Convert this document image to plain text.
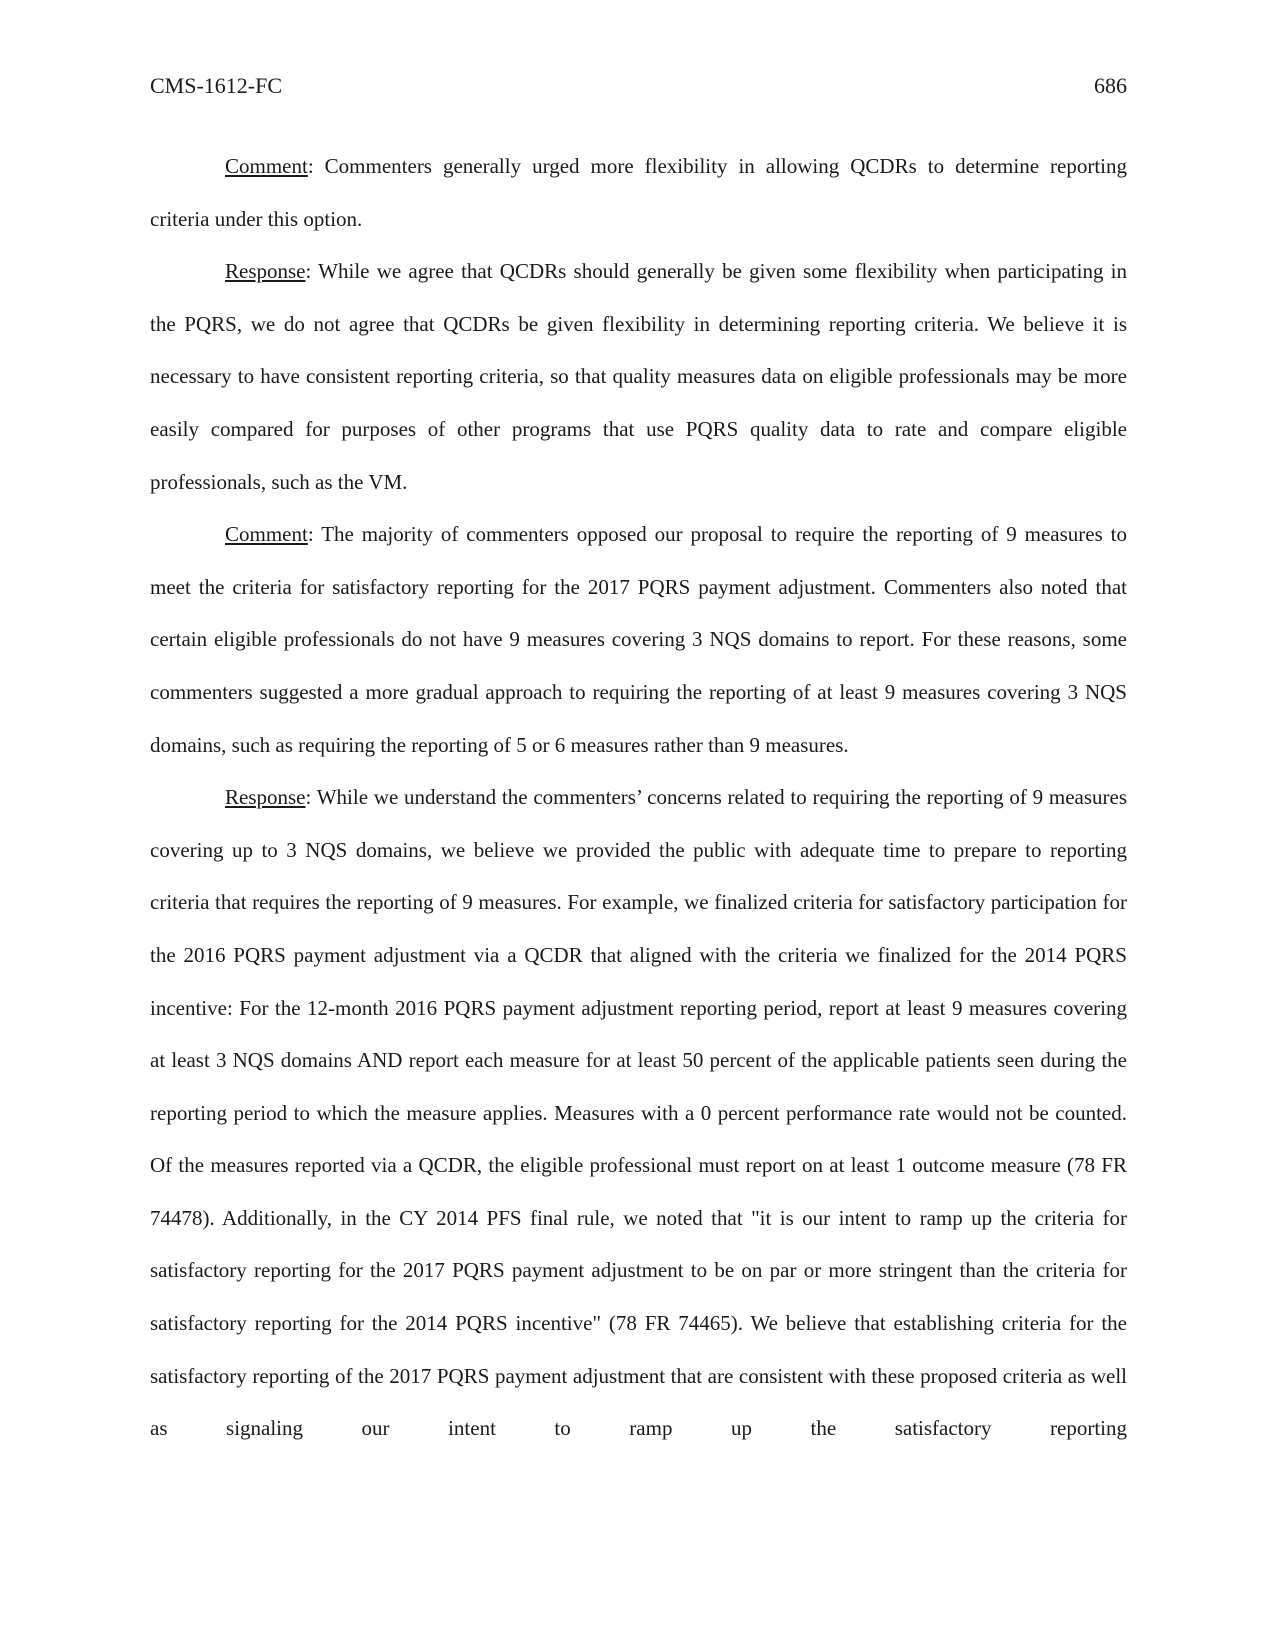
CMS-1612-FC	686

Comment: Commenters generally urged more flexibility in allowing QCDRs to determine reporting criteria under this option.

Response: While we agree that QCDRs should generally be given some flexibility when participating in the PQRS, we do not agree that QCDRs be given flexibility in determining reporting criteria. We believe it is necessary to have consistent reporting criteria, so that quality measures data on eligible professionals may be more easily compared for purposes of other programs that use PQRS quality data to rate and compare eligible professionals, such as the VM.

Comment: The majority of commenters opposed our proposal to require the reporting of 9 measures to meet the criteria for satisfactory reporting for the 2017 PQRS payment adjustment. Commenters also noted that certain eligible professionals do not have 9 measures covering 3 NQS domains to report. For these reasons, some commenters suggested a more gradual approach to requiring the reporting of at least 9 measures covering 3 NQS domains, such as requiring the reporting of 5 or 6 measures rather than 9 measures.

Response: While we understand the commenters’ concerns related to requiring the reporting of 9 measures covering up to 3 NQS domains, we believe we provided the public with adequate time to prepare to reporting criteria that requires the reporting of 9 measures. For example, we finalized criteria for satisfactory participation for the 2016 PQRS payment adjustment via a QCDR that aligned with the criteria we finalized for the 2014 PQRS incentive: For the 12-month 2016 PQRS payment adjustment reporting period, report at least 9 measures covering at least 3 NQS domains AND report each measure for at least 50 percent of the applicable patients seen during the reporting period to which the measure applies. Measures with a 0 percent performance rate would not be counted. Of the measures reported via a QCDR, the eligible professional must report on at least 1 outcome measure (78 FR 74478). Additionally, in the CY 2014 PFS final rule, we noted that "it is our intent to ramp up the criteria for satisfactory reporting for the 2017 PQRS payment adjustment to be on par or more stringent than the criteria for satisfactory reporting for the 2014 PQRS incentive" (78 FR 74465). We believe that establishing criteria for the satisfactory reporting of the 2017 PQRS payment adjustment that are consistent with these proposed criteria as well as signaling our intent to ramp up the satisfactory reporting
